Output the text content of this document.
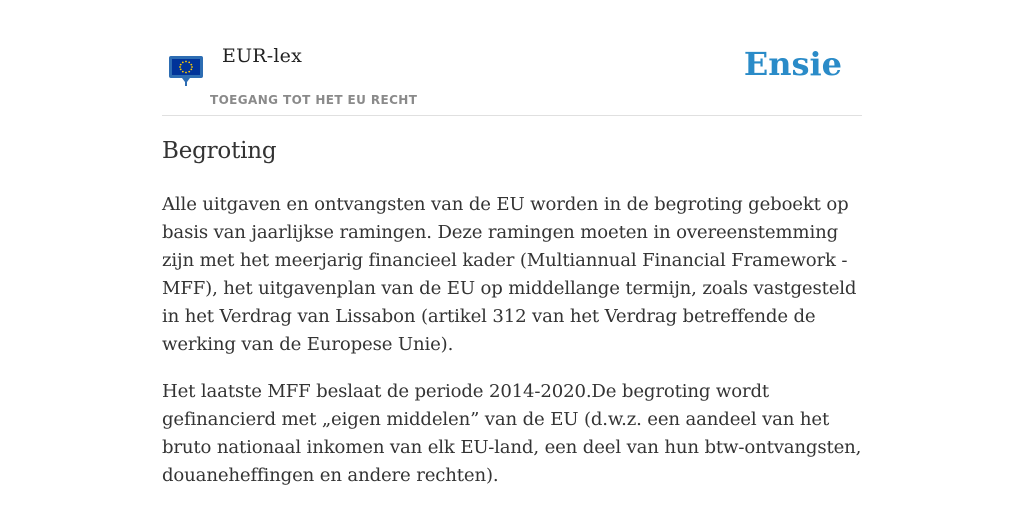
EUR-lex
TOEGANG TOT HET EU RECHT
Ensie
Begroting

Alle uitgaven en ontvangsten van de EU worden in de begroting geboekt op basis van jaarlijkse ramingen. Deze ramingen moeten in overeenstemming zijn met het meerjarig financieel kader (Multiannual Financial Framework - MFF), het uitgavenplan van de EU op middellange termijn, zoals vastgesteld in het Verdrag van Lissabon (artikel 312 van het Verdrag betreffende de werking van de Europese Unie).

Het laatste MFF beslaat de periode 2014-2020.De begroting wordt gefinancierd met „eigen middelen” van de EU (d.w.z. een aandeel van het bruto nationaal inkomen van elk EU-land, een deel van hun btw-ontvangsten, douaneheffingen en andere rechten).
